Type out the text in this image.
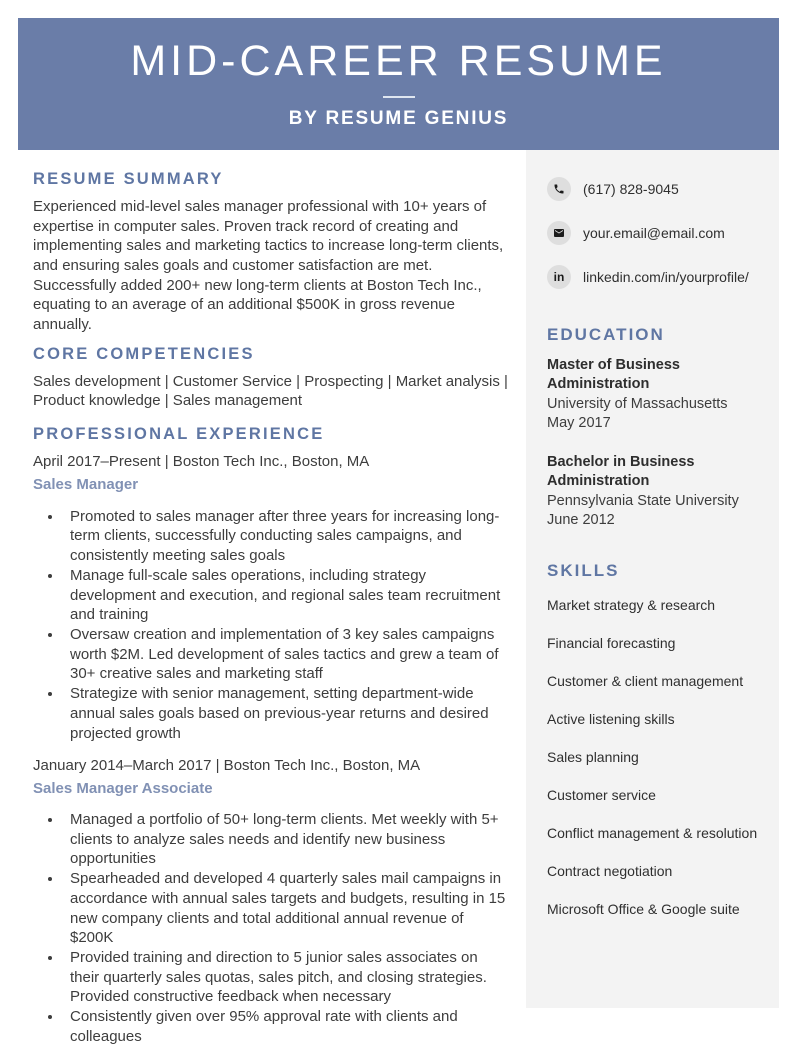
MID-CAREER RESUME
BY RESUME GENIUS
RESUME SUMMARY

Experienced mid-level sales manager professional with 10+ years of expertise in computer sales. Proven track record of creating and implementing sales and marketing tactics to increase long-term clients, and ensuring sales goals and customer satisfaction are met. Successfully added 200+ new long-term clients at Boston Tech Inc., equating to an average of an additional $500K in gross revenue annually.

CORE COMPETENCIES

Sales development | Customer Service | Prospecting | Market analysis | Product knowledge | Sales management

PROFESSIONAL EXPERIENCE

April 2017–Present | Boston Tech Inc., Boston, MA

Sales Manager

• Promoted to sales manager after three years for increasing long-term clients, successfully conducting sales campaigns, and consistently meeting sales goals
• Manage full-scale sales operations, including strategy development and execution, and regional sales team recruitment and training
• Oversaw creation and implementation of 3 key sales campaigns worth $2M. Led development of sales tactics and grew a team of 30+ creative sales and marketing staff
• Strategize with senior management, setting department-wide annual sales goals based on previous-year returns and desired projected growth

January 2014–March 2017 | Boston Tech Inc., Boston, MA

Sales Manager Associate

• Managed a portfolio of 50+ long-term clients. Met weekly with 5+ clients to analyze sales needs and identify new business opportunities
• Spearheaded and developed 4 quarterly sales mail campaigns in accordance with annual sales targets and budgets, resulting in 15 new company clients and total additional annual revenue of $200K
• Provided training and direction to 5 junior sales associates on their quarterly sales quotas, sales pitch, and closing strategies. Provided constructive feedback when necessary
• Consistently given over 95% approval rate with clients and colleagues
(617) 828-9045
your.email@email.com
in linkedin.com/in/yourprofile/
EDUCATION
Master of Business Administration
University of Massachusetts
May 2017
Bachelor in Business Administration
Pennsylvania State University
June 2012
SKILLS
Market strategy & research
Financial forecasting
Customer & client management
Active listening skills
Sales planning
Customer service
Conflict management & resolution
Contract negotiation
Microsoft Office & Google suite
